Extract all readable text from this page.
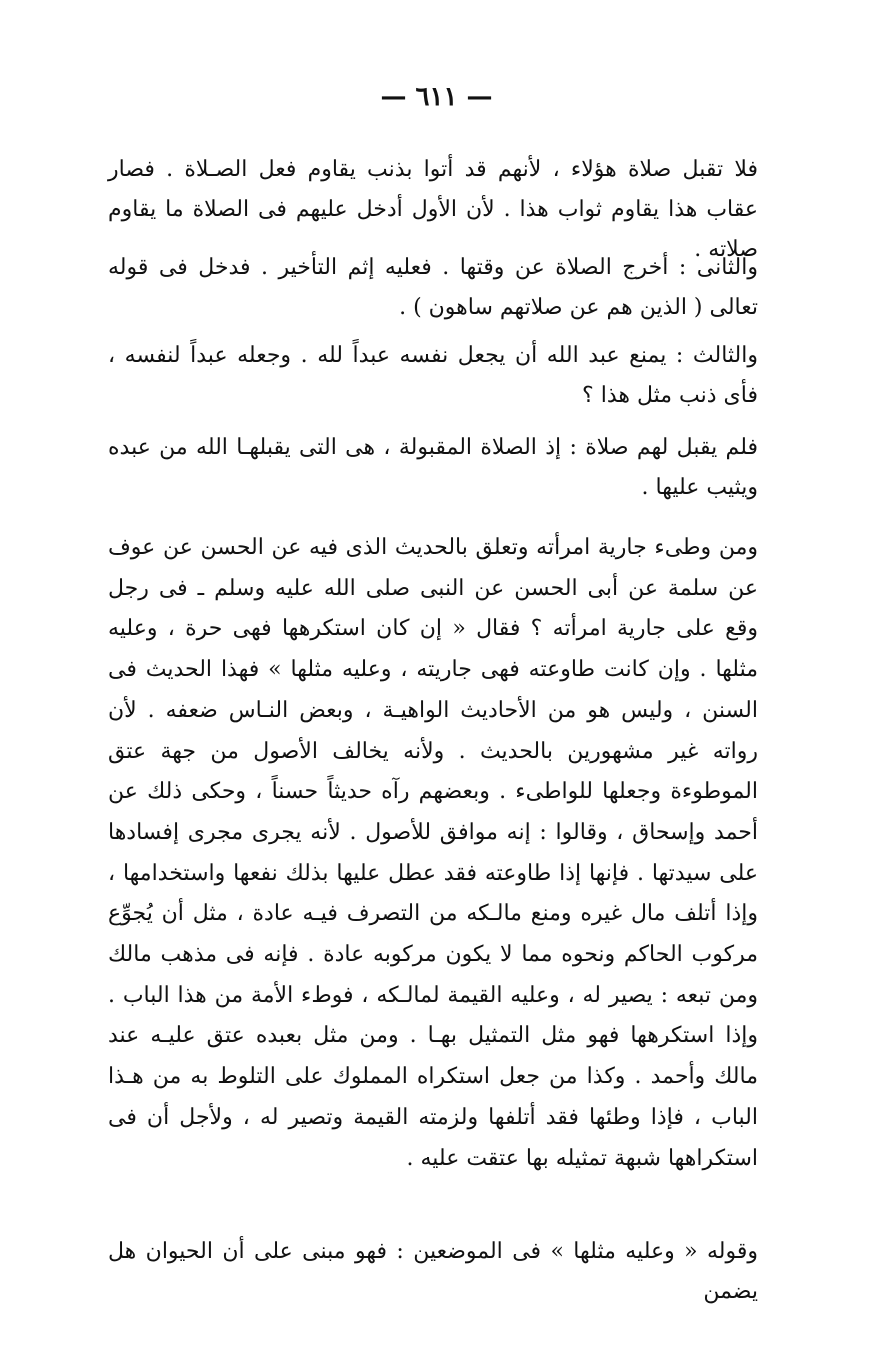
— ٦١١ —

فلا تقبل صلاة هؤلاء ، لأنهم قد أتوا بذنب يقاوم فعل الصـلاة . فصار عقاب هذا يقاوم ثواب هذا . لأن الأول أدخل عليهم فى الصلاة ما يقاوم صلاته .

والثانى : أخرج الصلاة عن وقتها . فعليه إثم التأخير . فدخل فى قوله تعالى ( الذين هم عن صلاتهم ساهون ) .

والثالث : يمنع عبد الله أن يجعل نفسه عبداً لله . وجعله عبداً لنفسه ، فأى ذنب مثل هذا ؟

فلم يقبل لهم صلاة : إذ الصلاة المقبولة ، هى التى يقبلهـا الله من عبده ويثيب عليها .

ومن وطىء جارية امرأته وتعلق بالحديث الذى فيه عن الحسن عن عوف عن سلمة عن أبى الحسن عن النبى صلى الله عليه وسلم ـ فى رجل وقع على جارية امرأته ؟ فقال « إن كان استكرهها فهى حرة ، وعليه مثلها . وإن كانت طاوعته فهى جاريته ، وعليه مثلها » فهذا الحديث فى السنن ، وليس هو من الأحاديث الواهيـة ، وبعض النـاس ضعفه . لأن رواته غير مشهورين بالحديث . ولأنه يخالف الأصول من جهة عتق الموطوءة وجعلها للواطىء . وبعضهم رآه حديثاً حسناً ، وحكى ذلك عن أحمد وإسحاق ، وقالوا : إنه موافق للأصول . لأنه يجرى مجرى إفسادها على سيدتها . فإنها إذا طاوعته فقد عطل عليها بذلك نفعها واستخدامها ، وإذا أتلف مال غيره ومنع مالـكه من التصرف فيـه عادة ، مثل أن يُجوِّع مركوب الحاكم ونحوه مما لا يكون مركوبه عادة . فإنه فى مذهب مالك ومن تبعه : يصير له ، وعليه القيمة لمالـكه ، فوطء الأمة من هذا الباب . وإذا استكرهها فهو مثل التمثيل بهـا . ومن مثل بعبده عتق عليـه عند مالك وأحمد . وكذا من جعل استكراه المملوك على التلوط به من هـذا الباب ، فإذا وطئها فقد أتلفها ولزمته القيمة وتصير له ، ولأجل أن فى استكراهها شبهة تمثيله بها عتقت عليه .

وقوله « وعليه مثلها » فى الموضعين : فهو مبنى على أن الحيوان هل يضمن
